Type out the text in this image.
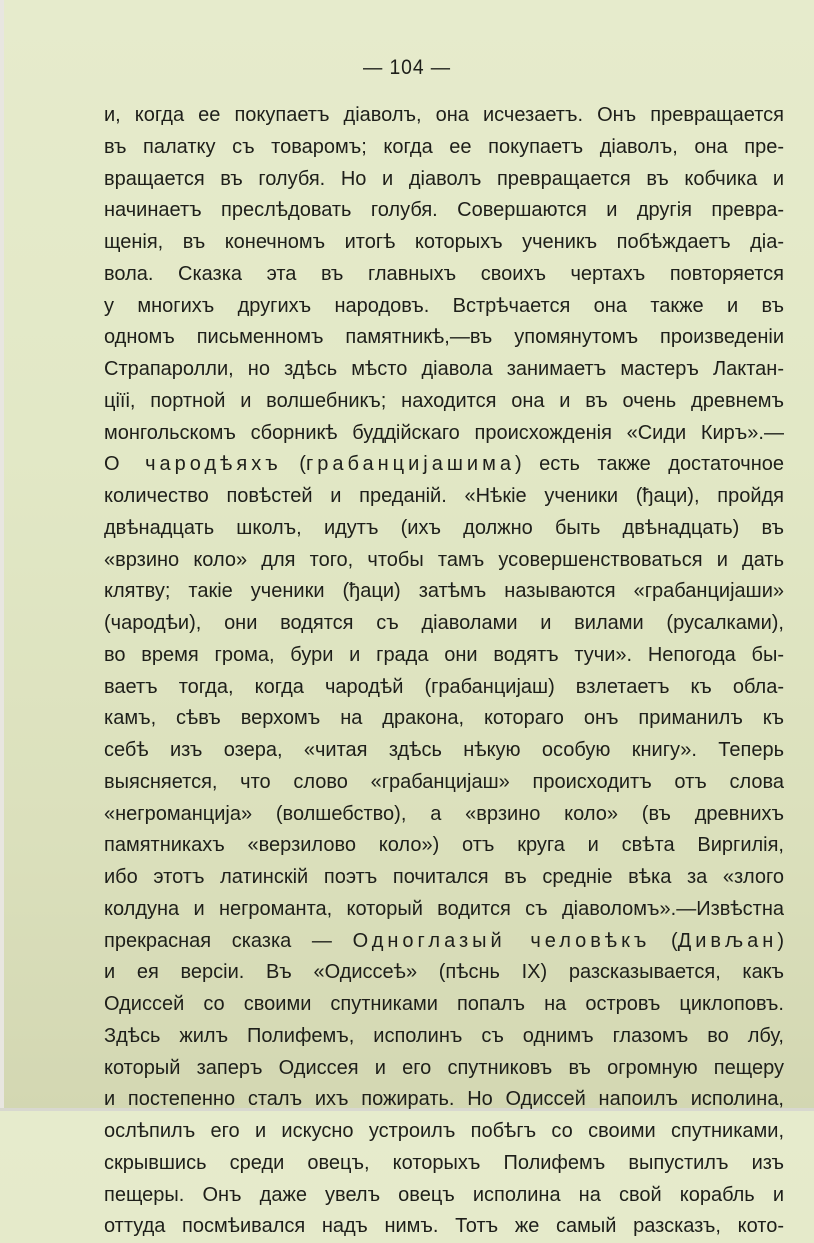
— 104 —
и, когда ее покупаетъ діаволъ, она исчезаетъ. Онъ превращается
въ палатку съ товаромъ; когда ее покупаетъ діаволъ, она пре-
вращается въ голубя. Но и діаволъ превращается въ кобчика и
начинаетъ преслѣдовать голубя. Совершаются и другія превра-
щенія, въ конечномъ итогѣ которыхъ ученикъ побѣждаетъ діа-
вола. Сказка эта въ главныхъ своихъ чертахъ повторяется
у многихъ другихъ народовъ. Встрѣчается она также и въ
одномъ письменномъ памятникѣ,—въ упомянутомъ произведеніи
Страпаролли, но здѣсь мѣсто діавола занимаетъ мастеръ Лактан-
ціїі, портной и волшебникъ; находится она и въ очень древнемъ
монгольскомъ сборникѣ буддійскаго происхожденія «Сиди Киръ».—
О чародѣяхъ (грабанцијашима) есть также достаточное
количество повѣстей и преданій. «Нѣкіе ученики (ђаци), пройдя
двѣнадцать школъ, идутъ (ихъ должно быть двѣнадцать) въ
«врзино коло» для того, чтобы тамъ усовершенствоваться и дать
клятву; такіе ученики (ђаци) затѣмъ называются «грабанцијаши»
(чародѣи), они водятся съ діаволами и вилами (русалками),
во время грома, бури и града они водятъ тучи». Непогода бы-
ваетъ тогда, когда чародѣй (грабанцијаш) взлетаетъ къ обла-
камъ, сѣвъ верхомъ на дракона, котораго онъ приманилъ къ
себѣ изъ озера, «читая здѣсь нѣкую особую книгу». Теперь
выясняется, что слово «грабанцијаш» происходитъ отъ слова
«негроманција» (волшебство), а «врзино коло» (въ древнихъ
памятникахъ «верзилово коло») отъ круга и свѣта Виргилія,
ибо этотъ латинскій поэтъ почитался въ средніе вѣка за «злого
колдуна и негроманта, который водится съ діаволомъ».—Извѣстна
прекрасная сказка — Одноглазый человѣкъ (Дивљан)
и ея версіи. Въ «Одиссеѣ» (пѣснь IX) разсказывается, какъ
Одиссей со своими спутниками попалъ на островъ циклоповъ.
Здѣсь жилъ Полифемъ, исполинъ съ однимъ глазомъ во лбу,
который заперъ Одиссея и его спутниковъ въ огромную пещеру
и постепенно сталъ ихъ пожирать. Но Одиссей напоилъ исполина,
ослѣпилъ его и искусно устроилъ побѣгъ со своими спутниками,
скрывшись среди овецъ, которыхъ Полифемъ выпустилъ изъ
пещеры. Онъ даже увелъ овецъ исполина на свой корабль и
оттуда посмѣивался надъ нимъ. Тотъ же самый разсказъ, кото-
